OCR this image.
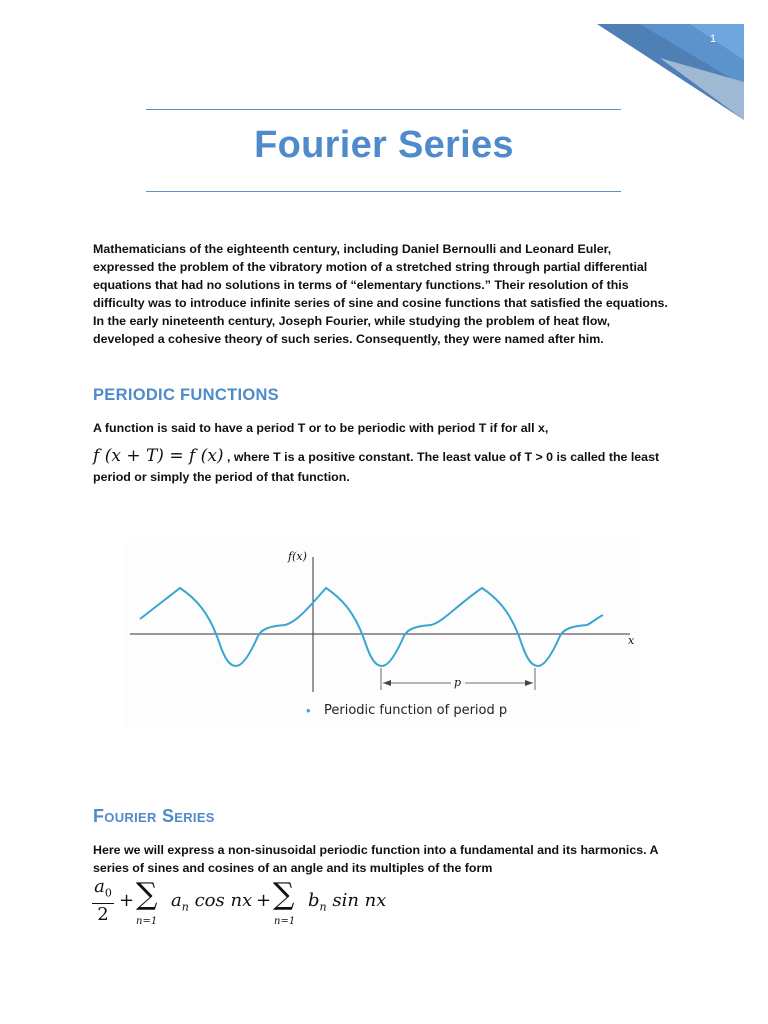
1
Fourier Series
Mathematicians of the eighteenth century, including Daniel Bernoulli and Leonard Euler, expressed the problem of the vibratory motion of a stretched string through partial differential equations that had no solutions in terms of “elementary functions.” Their resolution of this difficulty was to introduce infinite series of sine and cosine functions that satisfied the equations. In the early nineteenth century, Joseph Fourier, while studying the problem of heat flow, developed a cohesive theory of such series. Consequently, they were named after him.
PERIODIC FUNCTIONS
A function is said to have a period T or to be periodic with period T if for all x,
f (x + T) = f (x) , where T is a positive constant. The least value of T > 0 is called the least period or simply the period of that function.
f(x)
x
p
• Periodic function of period p
Fourier Series
Here we will express a non-sinusoidal periodic function into a fundamental and its harmonics. A series of sines and cosines of an angle and its multiples of the form
$a_0$
2
+ ∑
n=1
$a_n$ cos nx + ∑
n=1
$b_n$ sin nx
